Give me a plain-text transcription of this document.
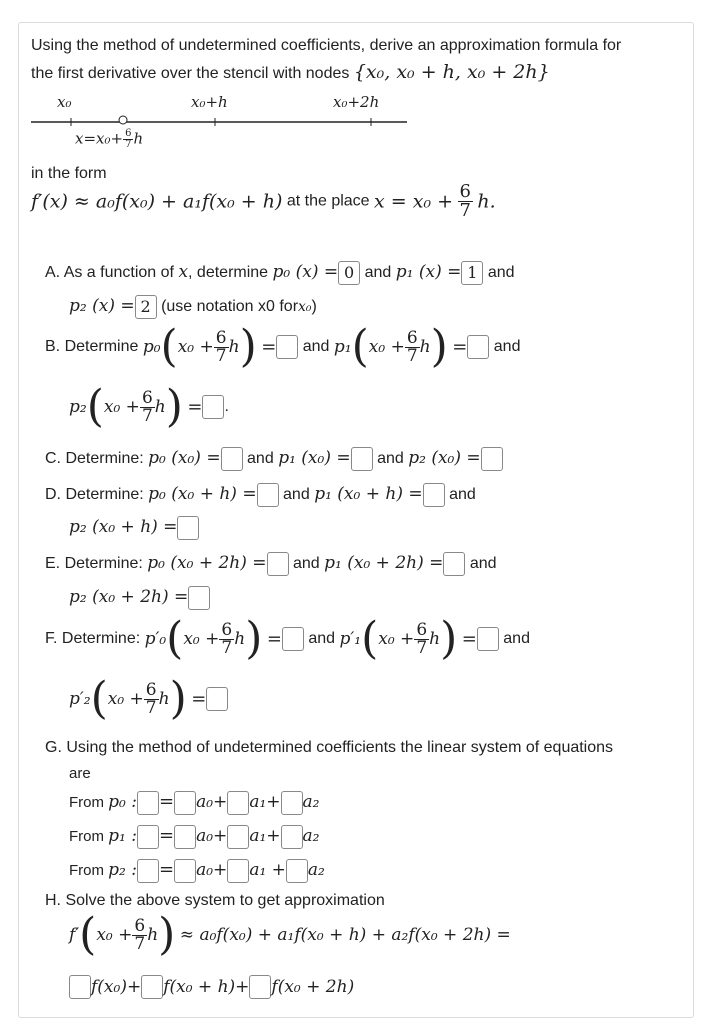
Using the method of undetermined coefficients, derive an approximation formula for
the first derivative over the stencil with nodes {x₀, x₀ + h, x₀ + 2h}
x₀	x₀+h	x₀+2h
$x=x_0+ \frac{6}{7}$ h
in the form
f′(x) ≈ a₀f(x₀) + a₁f(x₀ + h) at the place $x = x_0 + \frac{6}{7} h$.
A. As a function of x, determine p₀ (x) = 0 and p₁ (x) = 1 and
p₂ (x) = 2 (use notation x0 forx₀)
B. Determine $p_0(x_0 + \frac{6}{7} h)$ = and $p_1(x_0 + \frac{6}{7} h)$ = and
$p_2(x_0 + \frac{6}{7} h)$ = .
C. Determine: p₀ (x₀) = and p₁ (x₀) = and p₂ (x₀) =
D. Determine: p₀ (x₀ + h) = and p₁ (x₀ + h) = and
p₂ (x₀ + h) =
E. Determine: p₀ (x₀ + 2h) = and p₁ (x₀ + 2h) = and
p₂ (x₀ + 2h) =
F. Determine: $p'_0(x_0 + \frac{6}{7} h)$ = and $p'_1(x_0 + \frac{6}{7} h)$ = and
$p'_2(x_0 + \frac{6}{7} h)$ =
G. Using the method of undetermined coefficients the linear system of equations
are
From p₀ : = a₀+ a₁+ a₂
From p₁ : = a₀+ a₁+ a₂
From p₂ : = a₀+ a₁ + a₂
H. Solve the above system to get approximation
$f'(x_0 + \frac{6}{7} h) \approx a_0f(x_0) + a_1f(x_0 + h) + a_2f(x_0 + 2h)$ =
f(x₀)+ f(x₀ + h)+ f(x₀ + 2h)
